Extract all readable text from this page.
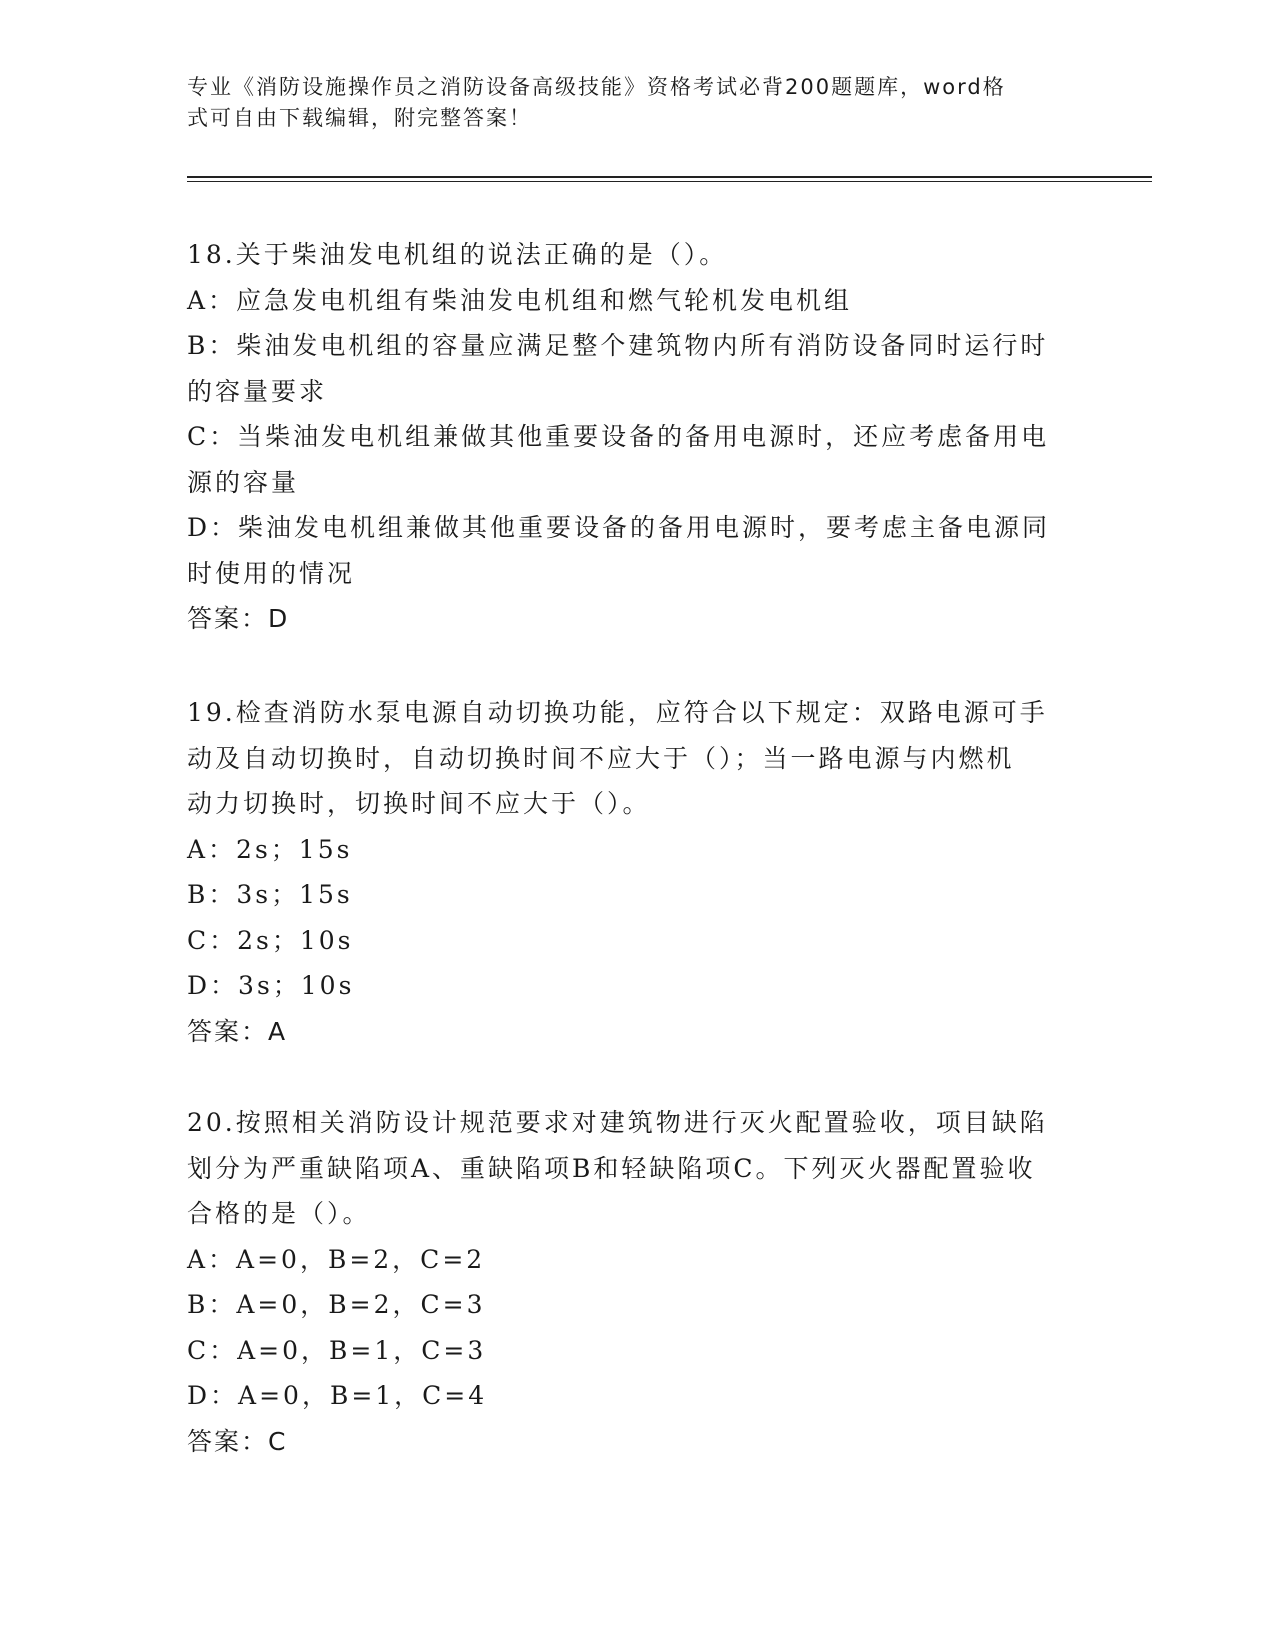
专业《消防设施操作员之消防设备高级技能》资格考试必背200题题库，word格
式可自由下载编辑，附完整答案！
18.关于柴油发电机组的说法正确的是（）。
A：应急发电机组有柴油发电机组和燃气轮机发电机组
B：柴油发电机组的容量应满足整个建筑物内所有消防设备同时运行时
的容量要求
C：当柴油发电机组兼做其他重要设备的备用电源时，还应考虑备用电
源的容量
D：柴油发电机组兼做其他重要设备的备用电源时，要考虑主备电源同
时使用的情况
答案：D
19.检查消防水泵电源自动切换功能，应符合以下规定：双路电源可手
动及自动切换时，自动切换时间不应大于（）；当一路电源与内燃机
动力切换时，切换时间不应大于（）。
A：2s；15s
B：3s；15s
C：2s；10s
D：3s；10s
答案：A
20.按照相关消防设计规范要求对建筑物进行灭火配置验收，项目缺陷
划分为严重缺陷项A、重缺陷项B和轻缺陷项C。下列灭火器配置验收
合格的是（）。
A：A=0，B=2，C=2
B：A=0，B=2，C=3
C：A=0，B=1，C=3
D：A=0，B=1，C=4
答案：C
